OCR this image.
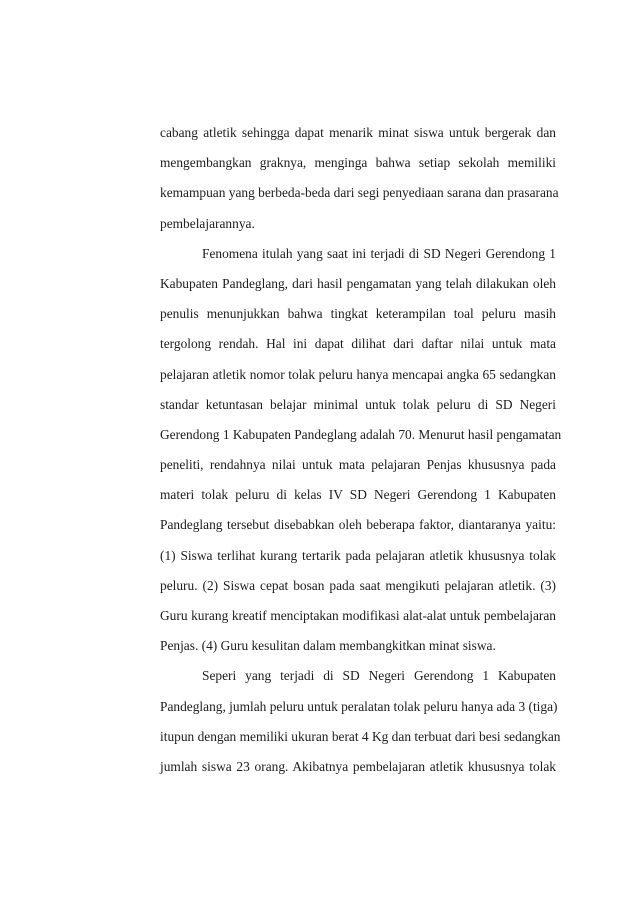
cabang atletik sehingga dapat menarik minat siswa untuk bergerak dan
mengembangkan graknya, menginga bahwa setiap sekolah memiliki
kemampuan yang berbeda-beda dari segi penyediaan sarana dan prasarana
pembelajarannya.
Fenomena itulah yang saat ini terjadi di SD Negeri Gerendong 1
Kabupaten Pandeglang, dari hasil pengamatan yang telah dilakukan oleh
penulis menunjukkan bahwa tingkat keterampilan toal peluru masih
tergolong rendah. Hal ini dapat dilihat dari daftar nilai untuk mata
pelajaran atletik nomor tolak peluru hanya mencapai angka 65 sedangkan
standar ketuntasan belajar minimal untuk tolak peluru di SD Negeri
Gerendong 1 Kabupaten Pandeglang adalah 70. Menurut hasil pengamatan
peneliti, rendahnya nilai untuk mata pelajaran Penjas khususnya pada
materi tolak peluru di kelas IV SD Negeri Gerendong 1 Kabupaten
Pandeglang tersebut disebabkan oleh beberapa faktor, diantaranya yaitu:
(1) Siswa terlihat kurang tertarik pada pelajaran atletik khususnya tolak
peluru. (2) Siswa cepat bosan pada saat mengikuti pelajaran atletik. (3)
Guru kurang kreatif menciptakan modifikasi alat-alat untuk pembelajaran
Penjas. (4) Guru kesulitan dalam membangkitkan minat siswa.
Seperi yang terjadi di SD Negeri Gerendong 1 Kabupaten
Pandeglang, jumlah peluru untuk peralatan tolak peluru hanya ada 3 (tiga)
itupun dengan memiliki ukuran berat 4 Kg dan terbuat dari besi sedangkan
jumlah siswa 23 orang. Akibatnya pembelajaran atletik khususnya tolak
